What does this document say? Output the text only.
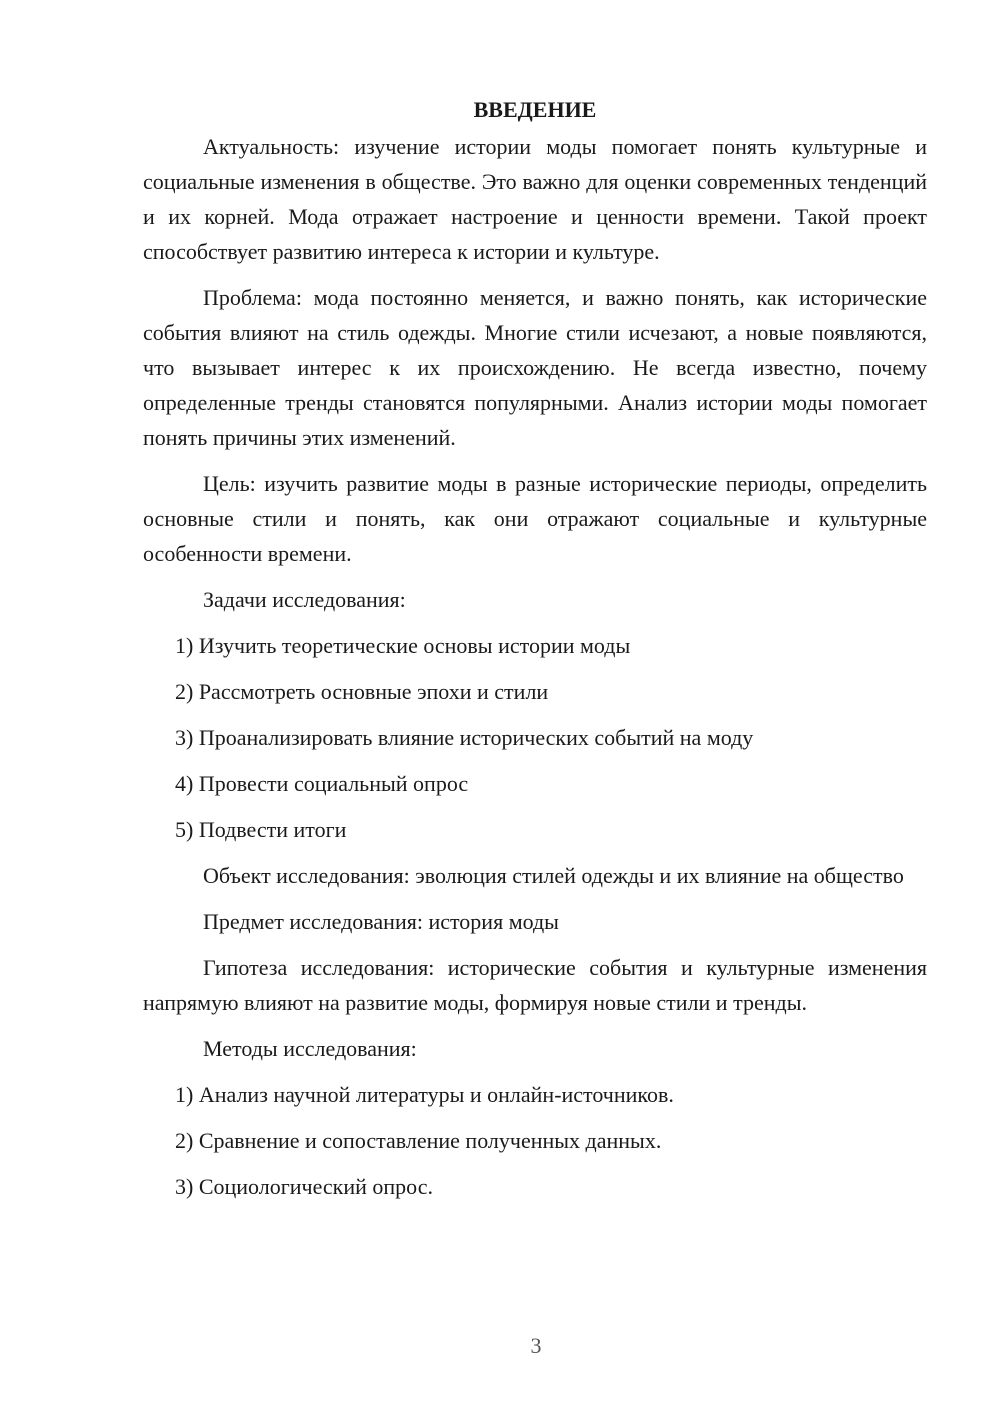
ВВЕДЕНИЕ

Актуальность: изучение истории моды помогает понять культурные и социальные изменения в обществе. Это важно для оценки современных тенденций и их корней. Мода отражает настроение и ценности времени. Такой проект способствует развитию интереса к истории и культуре.

Проблема: мода постоянно меняется, и важно понять, как исторические события влияют на стиль одежды. Многие стили исчезают, а новые появляются, что вызывает интерес к их происхождению. Не всегда известно, почему определенные тренды становятся популярными. Анализ истории моды помогает понять причины этих изменений.

Цель: изучить развитие моды в разные исторические периоды, определить основные стили и понять, как они отражают социальные и культурные особенности времени.

Задачи исследования:
1) Изучить теоретические основы истории моды
2) Рассмотреть основные эпохи и стили
3) Проанализировать влияние исторических событий на моду
4) Провести социальный опрос
5) Подвести итоги

Объект исследования: эволюция стилей одежды и их влияние на общество

Предмет исследования: история моды

Гипотеза исследования: исторические события и культурные изменения напрямую влияют на развитие моды, формируя новые стили и тренды.

Методы исследования:
1) Анализ научной литературы и онлайн-источников.
2) Сравнение и сопоставление полученных данных.
3) Социологический опрос.
3
